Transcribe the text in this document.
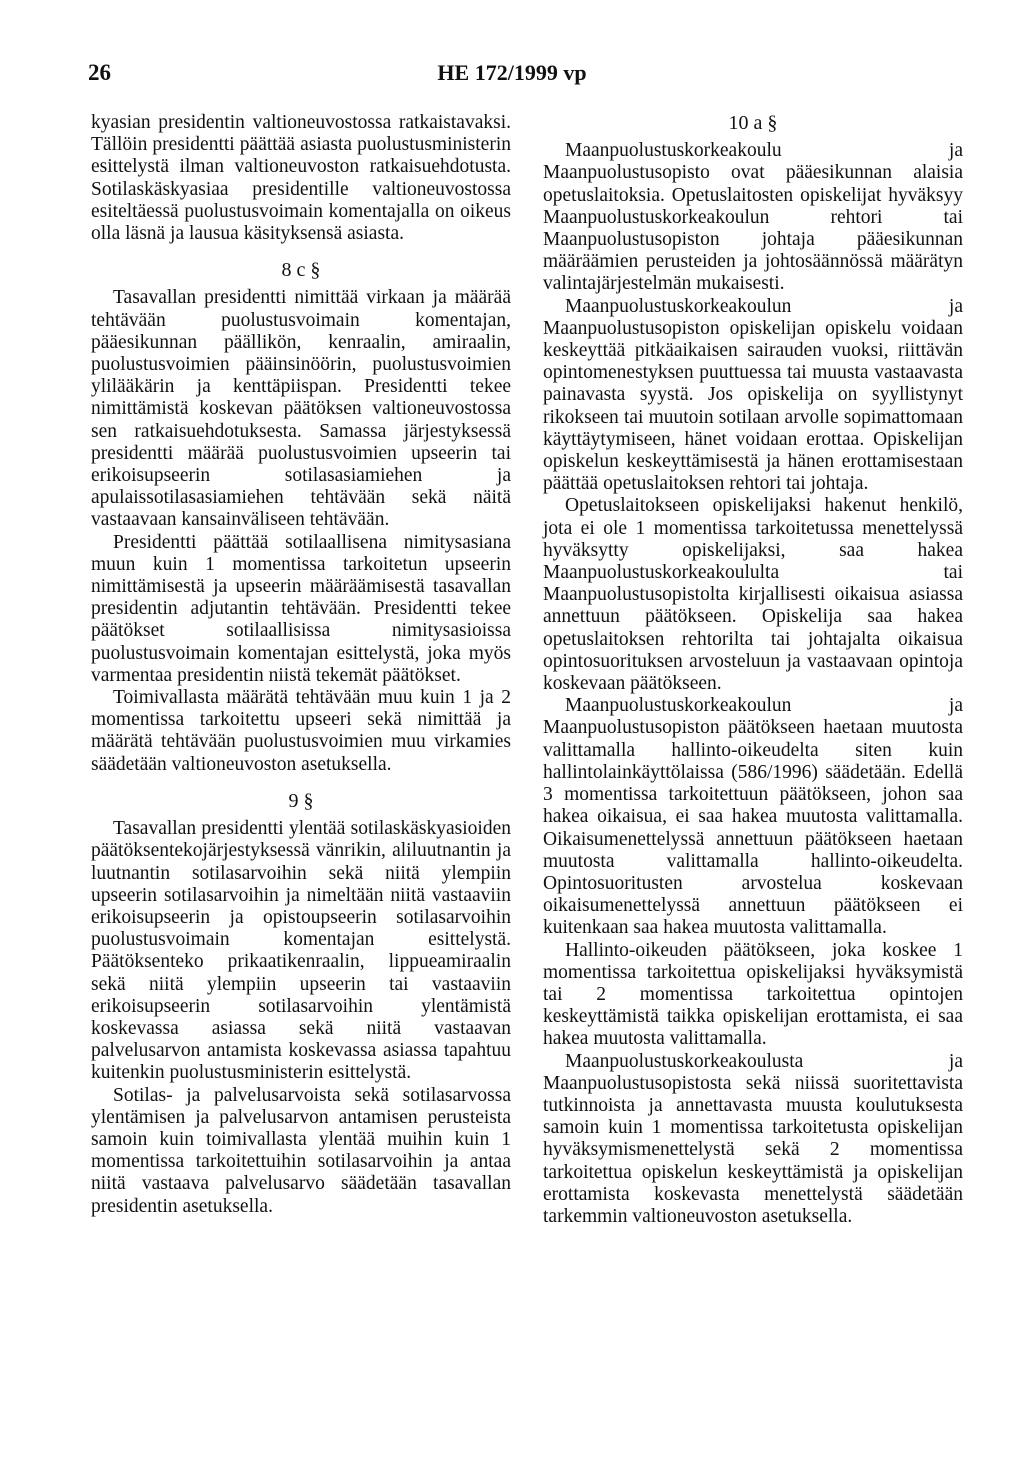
26	HE 172/1999 vp

kyasian presidentin valtioneuvostossa ratkaistavaksi. Tällöin presidentti päättää asiasta puolustusministerin esittelystä ilman valtioneuvoston ratkaisuehdotusta. Sotilaskäskyasiaa presidentille valtioneuvostossa esiteltäessä puolustusvoimain komentajalla on oikeus olla läsnä ja lausua käsityksensä asiasta.

8 c §

Tasavallan presidentti nimittää virkaan ja määrää tehtävään puolustusvoimain komentajan, pääesikunnan päällikön, kenraalin, amiraalin, puolustusvoimien pääinsinöörin, puolustusvoimien ylilääkärin ja kenttäpiispan. Presidentti tekee nimittämistä koskevan päätöksen valtioneuvostossa sen ratkaisuehdotuksesta. Samassa järjestyksessä presidentti määrää puolustusvoimien upseerin tai erikoisupseerin sotilasasiamiehen ja apulaissotilasasiamiehen tehtävään sekä näitä vastaavaan kansainväliseen tehtävään.

Presidentti päättää sotilaallisena nimitysasiana muun kuin 1 momentissa tarkoitetun upseerin nimittämisestä ja upseerin määräämisestä tasavallan presidentin adjutantin tehtävään. Presidentti tekee päätökset sotilaallisissa nimitysasioissa puolustusvoimain komentajan esittelystä, joka myös varmentaa presidentin niistä tekemät päätökset.

Toimivallasta määrätä tehtävään muu kuin 1 ja 2 momentissa tarkoitettu upseeri sekä nimittää ja määrätä tehtävään puolustusvoimien muu virkamies säädetään valtioneuvoston asetuksella.

9 §

Tasavallan presidentti ylentää sotilaskäskyasioiden päätöksentekojärjestyksessä vänrikin, aliluutnantin ja luutnantin sotilasarvoihin sekä niitä ylempiin upseerin sotilasarvoihin ja nimeltään niitä vastaaviin erikoisupseerin ja opistoupseerin sotilasarvoihin puolustusvoimain komentajan esittelystä. Päätöksenteko prikaatikenraalin, lippueamiraalin sekä niitä ylempiin upseerin tai vastaaviin erikoisupseerin sotilasarvoihin ylentämistä koskevassa asiassa sekä niitä vastaavan palvelusarvon antamista koskevassa asiassa tapahtuu kuitenkin puolustusministerin esittelystä.

Sotilas- ja palvelusarvoista sekä sotilasarvossa ylentämisen ja palvelusarvon antamisen perusteista samoin kuin toimivallasta ylentää muihin kuin 1 momentissa tarkoitettuihin sotilasarvoihin ja antaa niitä vastaava palvelusarvo säädetään tasavallan presidentin asetuksella.

10 a §

Maanpuolustuskorkeakoulu ja Maanpuolustusopisto ovat pääesikunnan alaisia opetuslaitoksia. Opetuslaitosten opiskelijat hyväksyy Maanpuolustuskorkeakoulun rehtori tai Maanpuolustusopiston johtaja pääesikunnan määräämien perusteiden ja johtosäännössä määrätyn valintajärjestelmän mukaisesti.

Maanpuolustuskorkeakoulun ja Maanpuolustusopiston opiskelijan opiskelu voidaan keskeyttää pitkäaikaisen sairauden vuoksi, riittävän opintomenestyksen puuttuessa tai muusta vastaavasta painavasta syystä. Jos opiskelija on syyllistynyt rikokseen tai muutoin sotilaan arvolle sopimattomaan käyttäytymiseen, hänet voidaan erottaa. Opiskelijan opiskelun keskeyttämisestä ja hänen erottamisestaan päättää opetuslaitoksen rehtori tai johtaja.

Opetuslaitokseen opiskelijaksi hakenut henkilö, jota ei ole 1 momentissa tarkoitetussa menettelyssä hyväksytty opiskelijaksi, saa hakea Maanpuolustuskorkeakoululta tai Maanpuolustusopistolta kirjallisesti oikaisua asiassa annettuun päätökseen. Opiskelija saa hakea opetuslaitoksen rehtorilta tai johtajalta oikaisua opintosuorituksen arvosteluun ja vastaavaan opintoja koskevaan päätökseen.

Maanpuolustuskorkeakoulun ja Maanpuolustusopiston päätökseen haetaan muutosta valittamalla hallinto-oikeudelta siten kuin hallintolainkäyttölaissa (586/1996) säädetään. Edellä 3 momentissa tarkoitettuun päätökseen, johon saa hakea oikaisua, ei saa hakea muutosta valittamalla. Oikaisumenettelyssä annettuun päätökseen haetaan muutosta valittamalla hallinto-oikeudelta. Opintosuoritusten arvostelua koskevaan oikaisumenettelyssä annettuun päätökseen ei kuitenkaan saa hakea muutosta valittamalla.

Hallinto-oikeuden päätökseen, joka koskee 1 momentissa tarkoitettua opiskelijaksi hyväksymistä tai 2 momentissa tarkoitettua opintojen keskeyttämistä taikka opiskelijan erottamista, ei saa hakea muutosta valittamalla.

Maanpuolustuskorkeakoulusta ja Maanpuolustusopistosta sekä niissä suoritettavista tutkinnoista ja annettavasta muusta koulutuksesta samoin kuin 1 momentissa tarkoitetusta opiskelijan hyväksymismenettelystä sekä 2 momentissa tarkoitettua opiskelun keskeyttämistä ja opiskelijan erottamista koskevasta menettelystä säädetään tarkemmin valtioneuvoston asetuksella.
